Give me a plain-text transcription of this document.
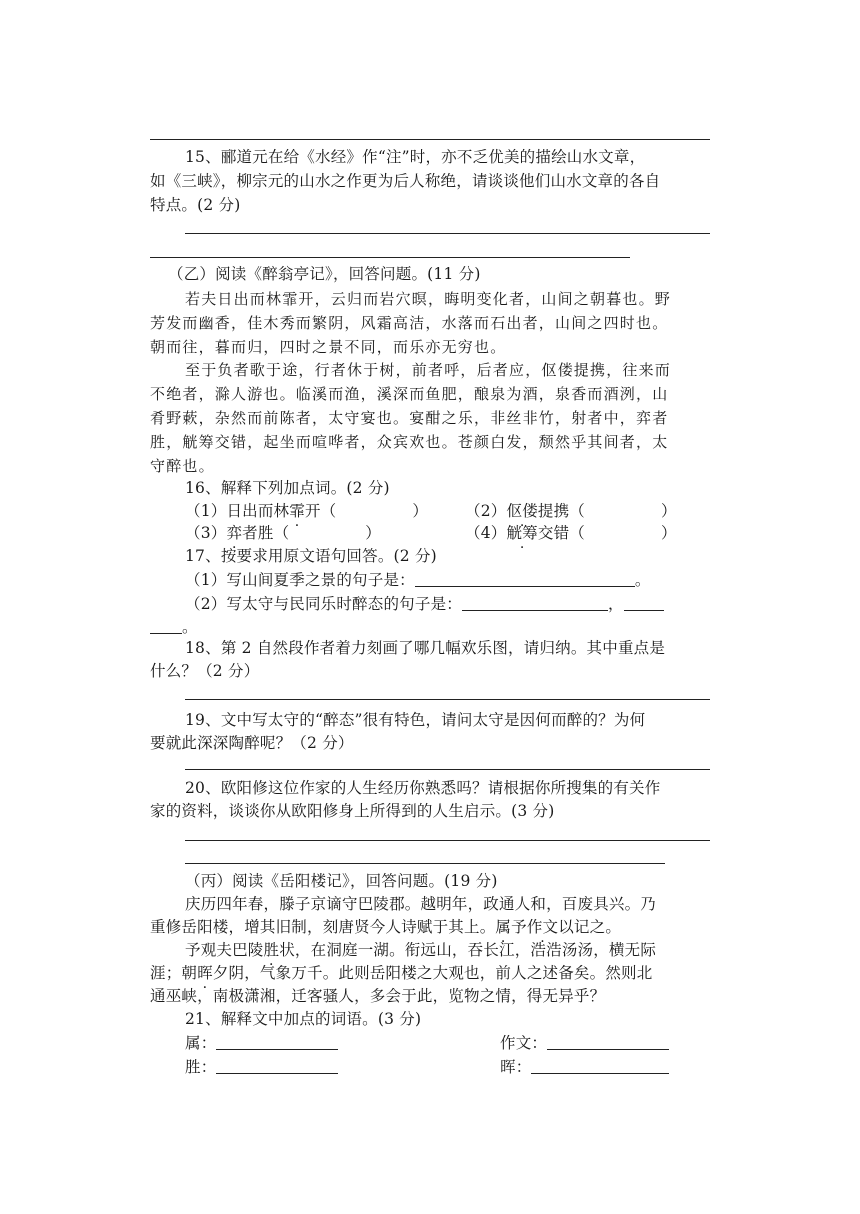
15、郦道元在给《水经》作“注”时，亦不乏优美的描绘山水文章，
如《三峡》，柳宗元的山水之作更为后人称绝，请谈谈他们山水文章的各自
特点。(2 分)
（乙）阅读《醉翁亭记》，回答问题。(11 分)
若夫日出而林霏开，云归而岩穴暝，晦明变化者，山间之朝暮也。野
芳发而幽香，佳木秀而繁阴，风霜高洁，水落而石出者，山间之四时也。
朝而往，暮而归，四时之景不同，而乐亦无穷也。
至于负者歌于途，行者休于树，前者呼，后者应，伛偻提携，往来而
不绝者，滁人游也。临溪而渔，溪深而鱼肥，酿泉为酒，泉香而酒洌，山
肴野蔌，杂然而前陈者，太守宴也。宴酣之乐，非丝非竹，射者中，弈者
胜，觥筹交错，起坐而喧哗者，众宾欢也。苍颜白发，颓然乎其间者，太
守醉也。
16、解释下列加点词。(2 分)
（1）日出而林霏开（	） （2）伛偻提携（	）
（3）弈者胜（	）	（4）觥筹交错（	）
17、按要求用原文语句回答。(2 分)
（1）写山间夏季之景的句子是：	。
（2）写太守与民同乐时醉态的句子是：	，
。
18、第 2 自然段作者着力刻画了哪几幅欢乐图，请归纳。其中重点是
什么？（2 分）
19、文中写太守的“醉态”很有特色，请问太守是因何而醉的？为何
要就此深深陶醉呢？（2 分）
20、欧阳修这位作家的人生经历你熟悉吗？请根据你所搜集的有关作
家的资料，谈谈你从欧阳修身上所得到的人生启示。(3 分)
（丙）阅读《岳阳楼记》，回答问题。(19 分)
庆历四年春，滕子京谪守巴陵郡。越明年，政通人和，百废具兴。乃
重修岳阳楼，增其旧制，刻唐贤今人诗赋于其上。属予作文以记之。
予观夫巴陵胜状，在洞庭一湖。衔远山，吞长江，浩浩汤汤，横无际
涯；朝晖夕阴，气象万千。此则岳阳楼之大观也，前人之述备矣。然则北
通巫峡，南极潇湘，迁客骚人，多会于此，览物之情，得无异乎？
21、解释文中加点的词语。(3 分)
属：	作文：
胜：	晖：
